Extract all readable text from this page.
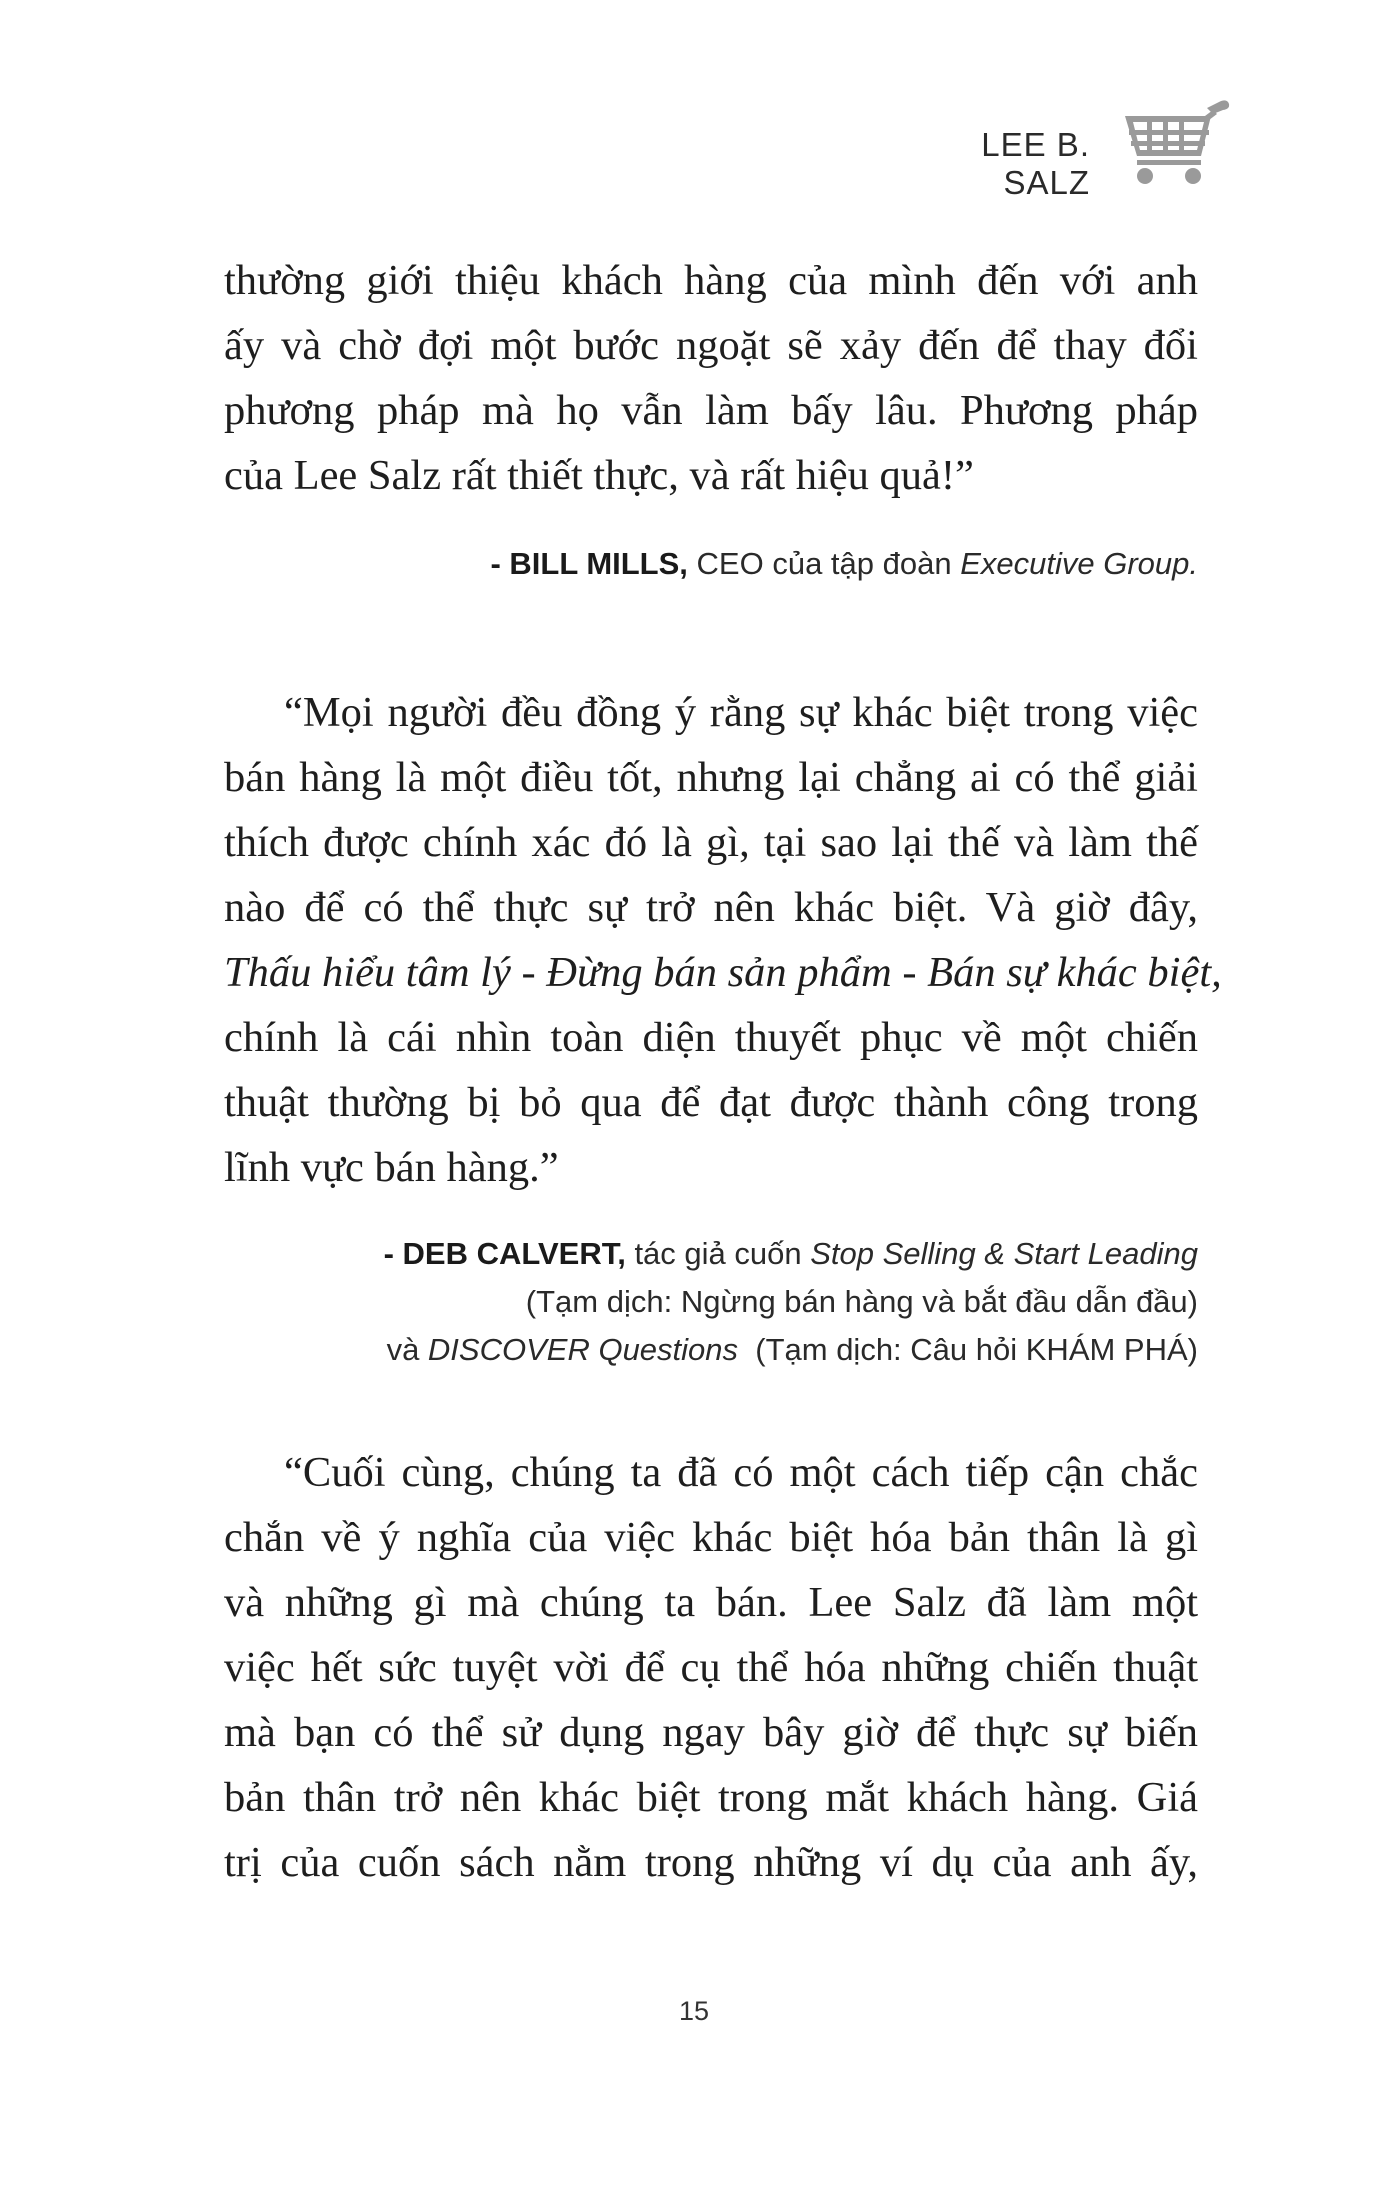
LEE B. SALZ
thường giới thiệu khách hàng của mình đến với anh
ấy và chờ đợi một bước ngoặt sẽ xảy đến để thay đổi
phương pháp mà họ vẫn làm bấy lâu. Phương pháp
của Lee Salz rất thiết thực, và rất hiệu quả!”
- BILL MILLS, CEO của tập đoàn Executive Group.
“Mọi người đều đồng ý rằng sự khác biệt trong việc
bán hàng là một điều tốt, nhưng lại chẳng ai có thể giải
thích được chính xác đó là gì, tại sao lại thế và làm thế
nào để có thể thực sự trở nên khác biệt. Và giờ đây,
Thấu hiểu tâm lý - Đừng bán sản phẩm - Bán sự khác biệt,
chính là cái nhìn toàn diện thuyết phục về một chiến
thuật thường bị bỏ qua để đạt được thành công trong
lĩnh vực bán hàng.”
- DEB CALVERT, tác giả cuốn Stop Selling & Start Leading
(Tạm dịch: Ngừng bán hàng và bắt đầu dẫn đầu)
và DISCOVER Questions  (Tạm dịch: Câu hỏi KHÁM PHÁ)
“Cuối cùng, chúng ta đã có một cách tiếp cận chắc
chắn về ý nghĩa của việc khác biệt hóa bản thân là gì
và những gì mà chúng ta bán. Lee Salz đã làm một
việc hết sức tuyệt vời để cụ thể hóa những chiến thuật
mà bạn có thể sử dụng ngay bây giờ để thực sự biến
bản thân trở nên khác biệt trong mắt khách hàng. Giá
trị của cuốn sách nằm trong những ví dụ của anh ấy,
15
